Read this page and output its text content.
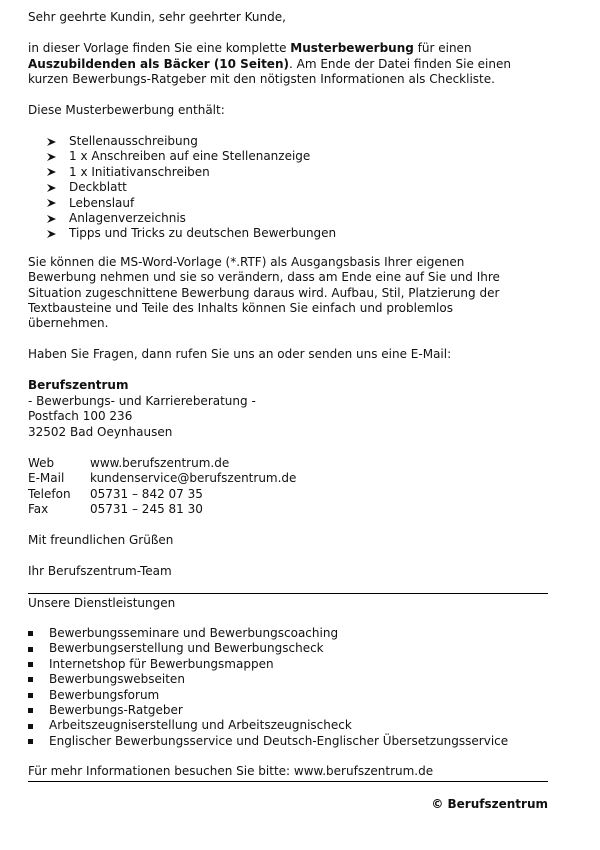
Sehr geehrte Kundin, sehr geehrter Kunde,
in dieser Vorlage finden Sie eine komplette Musterbewerbung für einen
Auszubildenden als Bäcker (10 Seiten). Am Ende der Datei finden Sie einen
kurzen Bewerbungs-Ratgeber mit den nötigsten Informationen als Checkliste.
Diese Musterbewerbung enthält:
Stellenausschreibung
1 x Anschreiben auf eine Stellenanzeige
1 x Initiativanschreiben
Deckblatt
Lebenslauf
Anlagenverzeichnis
Tipps und Tricks zu deutschen Bewerbungen
Sie können die MS-Word-Vorlage (*.RTF) als Ausgangsbasis Ihrer eigenen
Bewerbung nehmen und sie so verändern, dass am Ende eine auf Sie und Ihre
Situation zugeschnittene Bewerbung daraus wird. Aufbau, Stil, Platzierung der
Textbausteine und Teile des Inhalts können Sie einfach und problemlos
übernehmen.
Haben Sie Fragen, dann rufen Sie uns an oder senden uns eine E-Mail:
Berufszentrum
- Bewerbungs- und Karriereberatung -
Postfach 100 236
32502 Bad Oeynhausen
Web	www.berufszentrum.de
E-Mail	kundenservice@berufszentrum.de
Telefon	05731 – 842 07 35
Fax	05731 – 245 81 30
Mit freundlichen Grüßen
Ihr Berufszentrum-Team
Unsere Dienstleistungen
Bewerbungsseminare und Bewerbungscoaching
Bewerbungserstellung und Bewerbungscheck
Internetshop für Bewerbungsmappen
Bewerbungswebseiten
Bewerbungsforum
Bewerbungs-Ratgeber
Arbeitszeugniserstellung und Arbeitszeugnischeck
Englischer Bewerbungsservice und Deutsch-Englischer Übersetzungsservice
Für mehr Informationen besuchen Sie bitte: www.berufszentrum.de
© Berufszentrum
